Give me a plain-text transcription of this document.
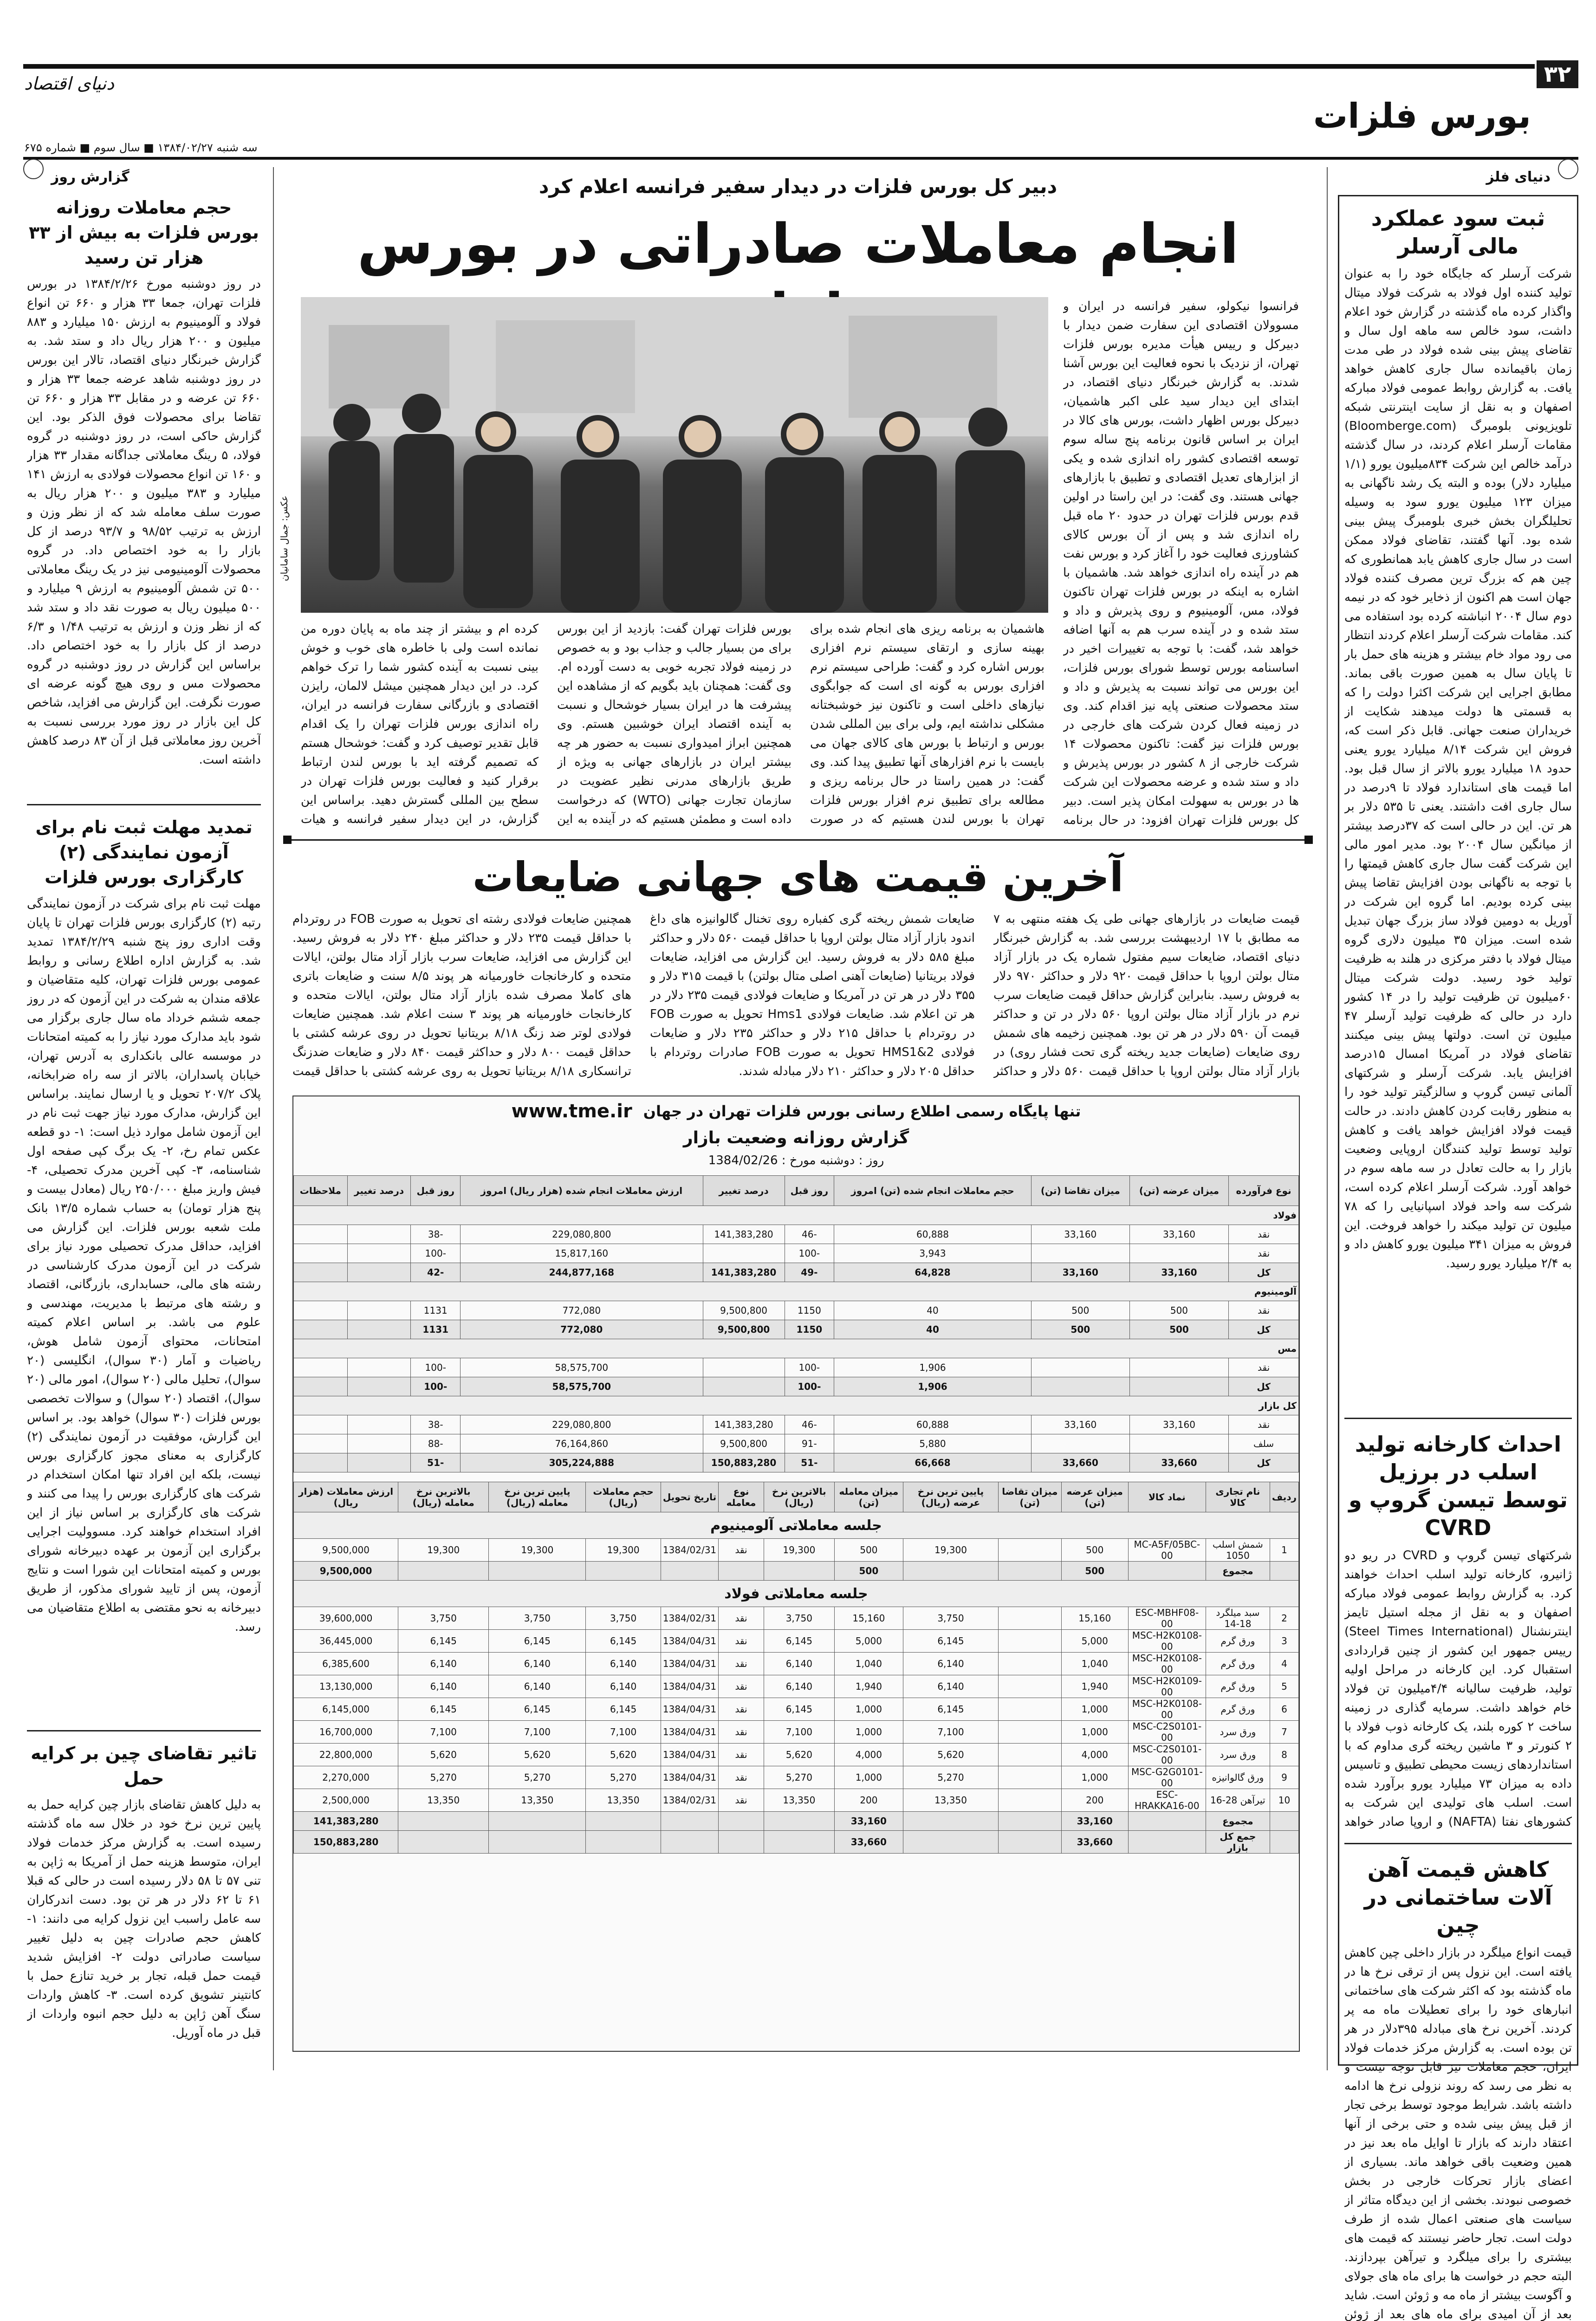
۳۲
بورس فلزات
دنیای اقتصاد
سه شنبه ۱۳۸۴/۰۲/۲۷ ■ سال سوم ■ شماره ۶۷۵
دنیای فلز
ثبت سود عملکرد مالی آرسلر
شرکت آرسلر که جایگاه خود را به عنوان تولید کننده اول فولاد به شرکت فولاد میتال واگذار کرده ماه گذشته در گزارش خود اعلام داشت، سود خالص سه ماهه اول سال و تقاضای پیش بینی شده فولاد در طی مدت زمان باقیمانده سال جاری کاهش خواهد یافت. به گزارش روابط عمومی فولاد مبارکه اصفهان و به نقل از سایت اینترنتی شبکه تلویزیونی بلومبرگ (Bloomberge.com) مقامات آرسلر اعلام کردند، در سال گذشته درآمد خالص این شرکت ۸۳۴میلیون یورو (۱/۱ میلیارد دلار) بوده و البته یک رشد ناگهانی به میزان ۱۲۳ میلیون یورو سود به وسیله تحلیلگران بخش خبری بلومبرگ پیش بینی شده بود. آنها گفتند، تقاضای فولاد ممکن است در سال جاری کاهش یابد همانطوری که چین هم که بزرگ ترین مصرف کننده فولاد جهان است هم اکنون از ذخایر خود که در نیمه دوم سال ۲۰۰۴ انباشته کرده بود استفاده می کند. مقامات شرکت آرسلر اعلام کردند انتظار می رود مواد خام بیشتر و هزینه های حمل بار تا پایان سال به همین صورت باقی بماند. مطابق اجرایی این شرکت اکثرا دولت را که به قسمتی ها دولت میدهند شکایت از خریداران صنعت جهانی. قابل ذکر است که، فروش این شرکت ۸/۱۴ میلیارد یورو یعنی حدود ۱۸ میلیارد یورو بالاتر از سال قبل بود. اما قیمت های استاندارد فولاد تا ۹درصد در سال جاری افت داشتند. یعنی تا ۵۳۵ دلار بر هر تن. این در حالی است که ۳۷درصد بیشتر از میانگین سال ۲۰۰۴ بود. مدیر امور مالی این شرکت گفت سال جاری کاهش قیمتها را با توجه به ناگهانی بودن افزایش تقاضا پیش بینی کرده بودیم. اما گروه این شرکت در آوریل به دومین فولاد ساز بزرگ جهان تبدیل شده است. میزان ۳۵ میلیون دلاری گروه میتال فولاد با دفتر مرکزی در هلند به ظرفیت تولید خود رسید. دولت شرکت میتال ۶۰میلیون تن ظرفیت تولید را در ۱۴ کشور دارد در حالی که ظرفیت تولید آرسلر ۴۷ میلیون تن است. دولتها پیش بینی میکنند تقاضای فولاد در آمریکا امسال ۱۵درصد افزایش یابد. شرکت آرسلر و شرکتهای آلمانی تیسن گروپ و سالزگیتر تولید خود را به منظور رقابت کردن کاهش دادند. در حالت قیمت فولاد افزایش خواهد یافت و کاهش تولید توسط تولید کنندگان اروپایی وضعیت بازار را به حالت تعادل در سه ماهه سوم در خواهد آورد. شرکت آرسلر اعلام کرده است، شرکت سه واحد فولاد اسپانیایی را که ۷۸ میلیون تن تولید میکند را خواهد فروخت. این فروش به میزان ۳۴۱ میلیون یورو کاهش داد و به ۲/۴ میلیارد یورو رسید.
احداث کارخانه تولید اسلب در برزیل توسط تیسن گروپ و CVRD
شرکتهای تیسن گروپ و CVRD در ریو دو ژانیرو، کارخانه تولید اسلب احداث خواهند کرد. به گزارش روابط عمومی فولاد مبارکه اصفهان و به نقل از مجله استیل تایمز اینترنشنال (Steel Times International) رییس جمهور این کشور از چنین قراردادی استقبال کرد. این کارخانه در مراحل اولیه تولید، ظرفیت سالیانه ۴/۴میلیون تن فولاد خام خواهد داشت. سرمایه گذاری در زمینه ساخت ۲ کوره بلند، یک کارخانه ذوب فولاد با ۲ کنورتر و ۳ ماشین ریخته گری مداوم که با استانداردهای زیست محیطی تطبیق و تاسیس داده به میزان ۷۳ میلیارد یورو برآورد شده است. اسلب های تولیدی این شرکت به کشورهای نفتا (NAFTA) و اروپا صادر خواهد
کاهش قیمت آهن آلات ساختمانی در چین
قیمت انواع میلگرد در بازار داخلی چین کاهش یافته است. این نزول پس از ترقی نرخ ها در ماه گذشته بود که اکثر شرکت های ساختمانی انبارهای خود را برای تعطیلات ماه مه پر کردند. آخرین نرخ های مبادله ۳۹۵دلار در هر تن بوده است. به گزارش مرکز خدمات فولاد ایران، حجم معاملات نیز قابل توجه نیست و به نظر می رسد که روند نزولی نرخ ها ادامه داشته باشد. شرایط موجود توسط برخی تجار از قبل پیش بینی شده و حتی برخی از آنها اعتقاد دارند که بازار تا اوایل ماه بعد نیز در همین وضعیت باقی خواهد ماند. بسیاری از اعضای بازار تحرکات خارجی در بخش خصوصی نبودند. بخشی از این دیدگاه متاثر از سیاست های صنعتی اعمال شده از طرف دولت است. تجار حاضر نیستند که قیمت های بیشتری را برای میلگرد و تیرآهن بپردازند. البته حجم در خواست ها برای ماه های جولای و آگوست بیشتر از ماه مه و ژوئن است. شاید بعد از آن امیدی برای ماه های بعد از ژوئن
گزارش روز
حجم معاملات روزانه بورس فلزات به بیش از ۳۳ هزار تن رسید
در روز دوشنبه مورخ ۱۳۸۴/۲/۲۶ در بورس فلزات تهران، جمعا ۳۳ هزار و ۶۶۰ تن انواع فولاد و آلومینیوم به ارزش ۱۵۰ میلیارد و ۸۸۳ میلیون و ۲۰۰ هزار ریال داد و ستد شد. به گزارش خبرنگار دنیای اقتصاد، تالار این بورس در روز دوشنبه شاهد عرضه جمعا ۳۳ هزار و ۶۶۰ تن عرضه و در مقابل ۳۳ هزار و ۶۶۰ تن تقاضا برای محصولات فوق الذکر بود. این گزارش حاکی است، در روز دوشنبه در گروه فولاد، ۵ رینگ معاملاتی جداگانه مقدار ۳۳ هزار و ۱۶۰ تن انواع محصولات فولادی به ارزش ۱۴۱ میلیارد و ۳۸۳ میلیون و ۲۰۰ هزار ریال به صورت سلف معامله شد که از نظر وزن و ارزش به ترتیب ۹۸/۵۲ و ۹۳/۷ درصد از کل بازار را به خود اختصاص داد. در گروه محصولات آلومینیومی نیز در یک رینگ معاملاتی ۵۰۰ تن شمش آلومینیوم به ارزش ۹ میلیارد و ۵۰۰ میلیون ریال به صورت نقد داد و ستد شد که از نظر وزن و ارزش به ترتیب ۱/۴۸ و ۶/۳ درصد از کل بازار را به خود اختصاص داد. براساس این گزارش در روز دوشنبه در گروه محصولات مس و روی هیچ گونه عرضه ای صورت نگرفت. این گزارش می افزاید، شاخص کل این بازار در روز مورد بررسی نسبت به آخرین روز معاملاتی قبل از آن ۸۳ درصد کاهش داشته است.
تمدید مهلت ثبت نام برای آزمون نمایندگی (۲) کارگزاری بورس فلزات
مهلت ثبت نام برای شرکت در آزمون نمایندگی رتبه (۲) کارگزاری بورس فلزات تهران تا پایان وقت اداری روز پنج شنبه ۱۳۸۴/۲/۲۹ تمدید شد. به گزارش اداره اطلاع رسانی و روابط عمومی بورس فلزات تهران، کلیه متقاضیان و علاقه مندان به شرکت در این آزمون که در روز جمعه ششم خرداد ماه سال جاری برگزار می شود باید مدارک مورد نیاز را به کمیته امتحانات در موسسه عالی بانکداری به آدرس تهران، خیابان پاسداران، بالاتر از سه راه ضرابخانه، پلاک ۲۰۷/۲ تحویل و یا ارسال نمایند. براساس این گزارش، مدارک مورد نیاز جهت ثبت نام در این آزمون شامل موارد ذیل است: ۱- دو قطعه عکس تمام رخ، ۲- یک برگ کپی صفحه اول شناسنامه، ۳- کپی آخرین مدرک تحصیلی، ۴- فیش واریز مبلغ ۲۵۰/۰۰۰ ریال (معادل بیست و پنج هزار تومان) به حساب شماره ۱۳/۵ بانک ملت شعبه بورس فلزات. این گزارش می افزاید، حداقل مدرک تحصیلی مورد نیاز برای شرکت در این آزمون مدرک کارشناسی در رشته های مالی، حسابداری، بازرگانی، اقتصاد و رشته های مرتبط با مدیریت، مهندسی و علوم می باشد. بر اساس اعلام کمیته امتحانات، محتوای آزمون شامل هوش، ریاضیات و آمار (۳۰ سوال)، انگلیسی (۲۰ سوال)، تحلیل مالی (۲۰ سوال)، امور مالی (۲۰ سوال)، اقتصاد (۲۰ سوال) و سوالات تخصصی بورس فلزات (۳۰ سوال) خواهد بود. بر اساس این گزارش، موفقیت در آزمون نمایندگی (۲) کارگزاری به معنای مجوز کارگزاری بورس نیست، بلکه این افراد تنها امکان استخدام در شرکت های کارگزاری بورس را پیدا می کنند و شرکت های کارگزاری بر اساس نیاز از این افراد استخدام خواهند کرد. مسوولیت اجرایی برگزاری این آزمون بر عهده دبیرخانه شورای بورس و کمیته امتحانات این شورا است و نتایج آزمون، پس از تایید شورای مذکور، از طریق دبیرخانه به نحو مقتضی به اطلاع متقاضیان می رسد.
تاثیر تقاضای چین بر کرایه حمل
به دلیل کاهش تقاضای بازار چین کرایه حمل به پایین ترین نرخ خود در خلال سه ماه گذشته رسیده است. به گزارش مرکز خدمات فولاد ایران، متوسط هزینه حمل از آمریکا به ژاپن به تنی ۵۷ تا ۵۸ دلار رسیده است در حالی که قبلا ۶۱ تا ۶۲ دلار در هر تن بود. دست اندرکاران سه عامل راسبب این نزول کرایه می دانند: ۱- کاهش حجم صادرات چین به دلیل تغییر سیاست صادراتی دولت ۲- افزایش شدید قیمت حمل قبله، تجار بر خرید تنازع حمل با کانتینر تشویق کرده است. ۳- کاهش واردات سنگ آهن ژاپن به دلیل حجم انبوه واردات از قبل در ماه آوریل.
دبیر کل بورس فلزات در دیدار سفیر فرانسه اعلام کرد
انجام معاملات صادراتی در بورس
عکس: جمال سامانیان
فرانسوا نیکولو، سفیر فرانسه در ایران و مسوولان اقتصادی این سفارت ضمن دیدار با دبیرکل و رییس هیأت مدیره بورس فلزات تهران، از نزدیک با نحوه فعالیت این بورس آشنا شدند. به گزارش خبرنگار دنیای اقتصاد، در ابتدای این دیدار سید علی اکبر هاشمیان، دبیرکل بورس اظهار داشت، بورس های کالا در ایران بر اساس قانون برنامه پنج ساله سوم توسعه اقتصادی کشور راه اندازی شده و یکی از ابزارهای تعدیل اقتصادی و تطبیق با بازارهای جهانی هستند. وی گفت: در این راستا در اولین قدم بورس فلزات تهران در حدود ۲۰ ماه قبل راه اندازی شد و پس از آن بورس کالای کشاورزی فعالیت خود را آغاز کرد و بورس نفت هم در آینده راه اندازی خواهد شد. هاشمیان با اشاره به اینکه در بورس فلزات تهران تاکنون فولاد، مس، آلومینیوم و روی پذیرش و داد و ستد شده و در آینده سرب هم به آنها اضافه خواهد شد، گفت: با توجه به تغییرات اخیر در اساسنامه بورس توسط شورای بورس فلزات، این بورس می تواند نسبت به پذیرش و داد و ستد محصولات صنعتی پایه نیز اقدام کند. وی در زمینه فعال کردن شرکت های خارجی در بورس فلزات نیز گفت: تاکنون محصولات ۱۴ شرکت خارجی از ۸ کشور در بورس پذیرش و داد و ستد شده و عرضه محصولات این شرکت ها در بورس به سهولت امکان پذیر است. دبیر کل بورس فلزات تهران افزود: در حال برنامه
هاشمیان به برنامه ریزی های انجام شده برای بهینه سازی و ارتقای سیستم نرم افزاری بورس اشاره کرد و گفت: طراحی سیستم نرم افزاری بورس به گونه ای است که جوابگوی نیازهای داخلی است و تاکنون نیز خوشبختانه مشکلی نداشته ایم، ولی برای بین المللی شدن بورس و ارتباط با بورس های کالای جهان می بایست با نرم افزارهای آنها تطبیق پیدا کند. وی گفت: در همین راستا در حال برنامه ریزی و مطالعه برای تطبیق نرم افزار بورس فلزات تهران با بورس لندن هستیم که در صورت
بورس فلزات تهران گفت: بازدید از این بورس برای من بسیار جالب و جذاب بود و به خصوص در زمینه فولاد تجربه خوبی به دست آورده ام. وی گفت: همچنان باید بگویم که از مشاهده این پیشرفت ها در ایران بسیار خوشحال و نسبت به آینده اقتصاد ایران خوشبین هستم. وی همچنین ابراز امیدواری نسبت به حضور هر چه بیشتر ایران در بازارهای جهانی به ویژه از طریق بازارهای مدرنی نظیر عضویت در سازمان تجارت جهانی (WTO) که درخواست داده است و مطمئن هستیم که در آینده به این
کرده ام و بیشتر از چند ماه به پایان دوره من نمانده است ولی با خاطره های خوب و خوش بینی نسبت به آینده کشور شما را ترک خواهم کرد. در این دیدار همچنین میشل لالمان، رایزن اقتصادی و بازرگانی سفارت فرانسه در ایران، راه اندازی بورس فلزات تهران را یک اقدام قابل تقدیر توصیف کرد و گفت: خوشحال هستم که تصمیم گرفته اید با بورس لندن ارتباط برقرار کنید و فعالیت بورس فلزات تهران در سطح بین المللی گسترش دهید. براساس این گزارش، در این دیدار سفیر فرانسه و هیات
آخرین قیمت های جهانی ضایعات
قیمت ضایعات در بازارهای جهانی طی یک هفته منتهی به ۷ مه مطابق با ۱۷ اردیبهشت بررسی شد. به گزارش خبرنگار دنیای اقتصاد، ضایعات سیم مفتول شماره یک در بازار آزاد متال بولتن اروپا با حداقل قیمت ۹۲۰ دلار و حداکثر ۹۷۰ دلار به فروش رسید. بنابراین گزارش حداقل قیمت ضایعات سرب نرم در بازار آزاد متال بولتن اروپا ۵۶۰ دلار در تن و حداکثر قیمت آن ۵۹۰ دلار در هر تن بود. همچنین زخیمه های شمش روی ضایعات (ضایعات جدید ریخته گری تحت فشار روی) در بازار آزاد متال بولتن اروپا با حداقل قیمت ۵۶۰ دلار و حداکثر
ضایعات شمش ریخته گری کفباره روی تخنال گالوانیزه های داغ اندود بازار آزاد متال بولتن اروپا با حداقل قیمت ۵۶۰ دلار و حداکثر مبلغ ۵۸۵ دلار به فروش رسید. این گزارش می افزاید، ضایعات فولاد بریتانیا (ضایعات آهنی اصلی متال بولتن) با قیمت ۳۱۵ دلار و ۳۵۵ دلار در هر تن در آمریکا و ضایعات فولادی قیمت ۲۳۵ دلار در هر تن اعلام شد. ضایعات فولادی Hms1 تحویل به صورت FOB در روتردام با حداقل ۲۱۵ دلار و حداکثر ۲۳۵ دلار و ضایعات فولادی HMS1&2 تحویل به صورت FOB صادرات روتردام با حداقل ۲۰۵ دلار و حداکثر ۲۱۰ دلار مبادله شدند.
همچنین ضایعات فولادی رشته ای تحویل به صورت FOB در روتردام با حداقل قیمت ۲۳۵ دلار و حداکثر مبلغ ۲۴۰ دلار به فروش رسید. این گزارش می افزاید، ضایعات سرب بازار آزاد متال بولتن، ایالات متحده و کارخانجات خاورمیانه هر پوند ۸/۵ سنت و ضایعات باتری های کاملا مصرف شده بازار آزاد متال بولتن، ایالات متحده و کارخانجات خاورمیانه هر پوند ۳ سنت اعلام شد. همچنین ضایعات فولادی لوتر ضد زنگ ۸/۱۸ بریتانیا تحویل در روی عرشه کشتی با حداقل قیمت ۸۰۰ دلار و حداکثر قیمت ۸۴۰ دلار و ضایعات ضدزنگ ترانسکاری ۸/۱۸ بریتانیا تحویل به روی عرشه کشتی با حداقل قیمت
تنها پایگاه رسمی اطلاع رسانی بورس فلزات تهران در جهان
www.tme.ir
گزارش روزانه وضعیت بازار
روز : دوشنبه مورخ : 1384/02/26
نوع فرآورده	میزان عرضه (تن)	میزان تقاضا (تن)	حجم معاملات انجام شده (تن) امروز	روز قبل	درصد تغییر	ارزش معاملات انجام شده (هزار ریال) امروز	روز قبل	درصد تغییر	ملاحظات
فولاد									
نقد	33,160	33,160	60,888	-46	141,383,280	229,080,800	-38		
نقد			3,943	-100		15,817,160	-100		
کل	33,160	33,160	64,828	-49	141,383,280	244,877,168	-42		
آلومینیوم									
نقد	500	500	40	1150	9,500,800	772,080	1131		
کل	500	500	40	1150	9,500,800	772,080	1131		
مس									
نقد			1,906	-100		58,575,700	-100		
کل			1,906	-100		58,575,700	-100		
کل بازار									
نقد	33,160	33,160	60,888	-46	141,383,280	229,080,800	-38		
سلف			5,880	-91	9,500,800	76,164,860	-88		
کل	33,660	33,660	66,668	-51	150,883,280	305,224,888	-51		
ردیف	نام تجاری کالا	نماد کالا	میزان عرضه (تن)	میزان تقاضا (تن)	پایین ترین نرخ عرضه (ریال)	میزان معامله (تن)	بالاترین نرخ (ریال)	نوع معامله	تاریخ تحویل	حجم معاملات (ریال)	پایین ترین نرخ معامله (ریال)	بالاترین نرخ معامله (ریال)	ارزش معاملات (هزار ریال)
جلسه معاملاتی آلومینیوم													
1	شمش اسلب 1050	MC-A5F/05BC-00	500		19,300	500	19,300	نقد	1384/02/31	19,300	19,300	19,300	9,500,000
	مجموع		500			500							9,500,000
جلسه معاملاتی فولاد													
2	سبد میلگرد 18-14	ESC-MBHF08-00	15,160		3,750	15,160	3,750	نقد	1384/02/31	3,750	3,750	3,750	39,600,000
3	ورق گرم	MSC-H2K0108-00	5,000		6,145	5,000	6,145	نقد	1384/04/31	6,145	6,145	6,145	36,445,000
4	ورق گرم	MSC-H2K0108-00	1,040		6,140	1,040	6,140	نقد	1384/04/31	6,140	6,140	6,140	6,385,600
5	ورق گرم	MSC-H2K0109-00	1,940		6,140	1,940	6,140	نقد	1384/04/31	6,140	6,140	6,140	13,130,000
6	ورق گرم	MSC-H2K0108-00	1,000		6,145	1,000	6,145	نقد	1384/04/31	6,145	6,145	6,145	6,145,000
7	ورق سرد	MSC-C2S0101-00	1,000		7,100	1,000	7,100	نقد	1384/04/31	7,100	7,100	7,100	16,700,000
8	ورق سرد	MSC-C2S0101-00	4,000		5,620	4,000	5,620	نقد	1384/04/31	5,620	5,620	5,620	22,800,000
9	ورق گالوانیزه	MSC-G2G0101-00	1,000		5,270	1,000	5,270	نقد	1384/04/31	5,270	5,270	5,270	2,270,000
10	تیرآهن 28-16	ESC-HRAKKA16-00	200		13,350	200	13,350	نقد	1384/02/31	13,350	13,350	13,350	2,500,000
	مجموع		33,160			33,160							141,383,280
	جمع کل بازار		33,660			33,660							150,883,280
